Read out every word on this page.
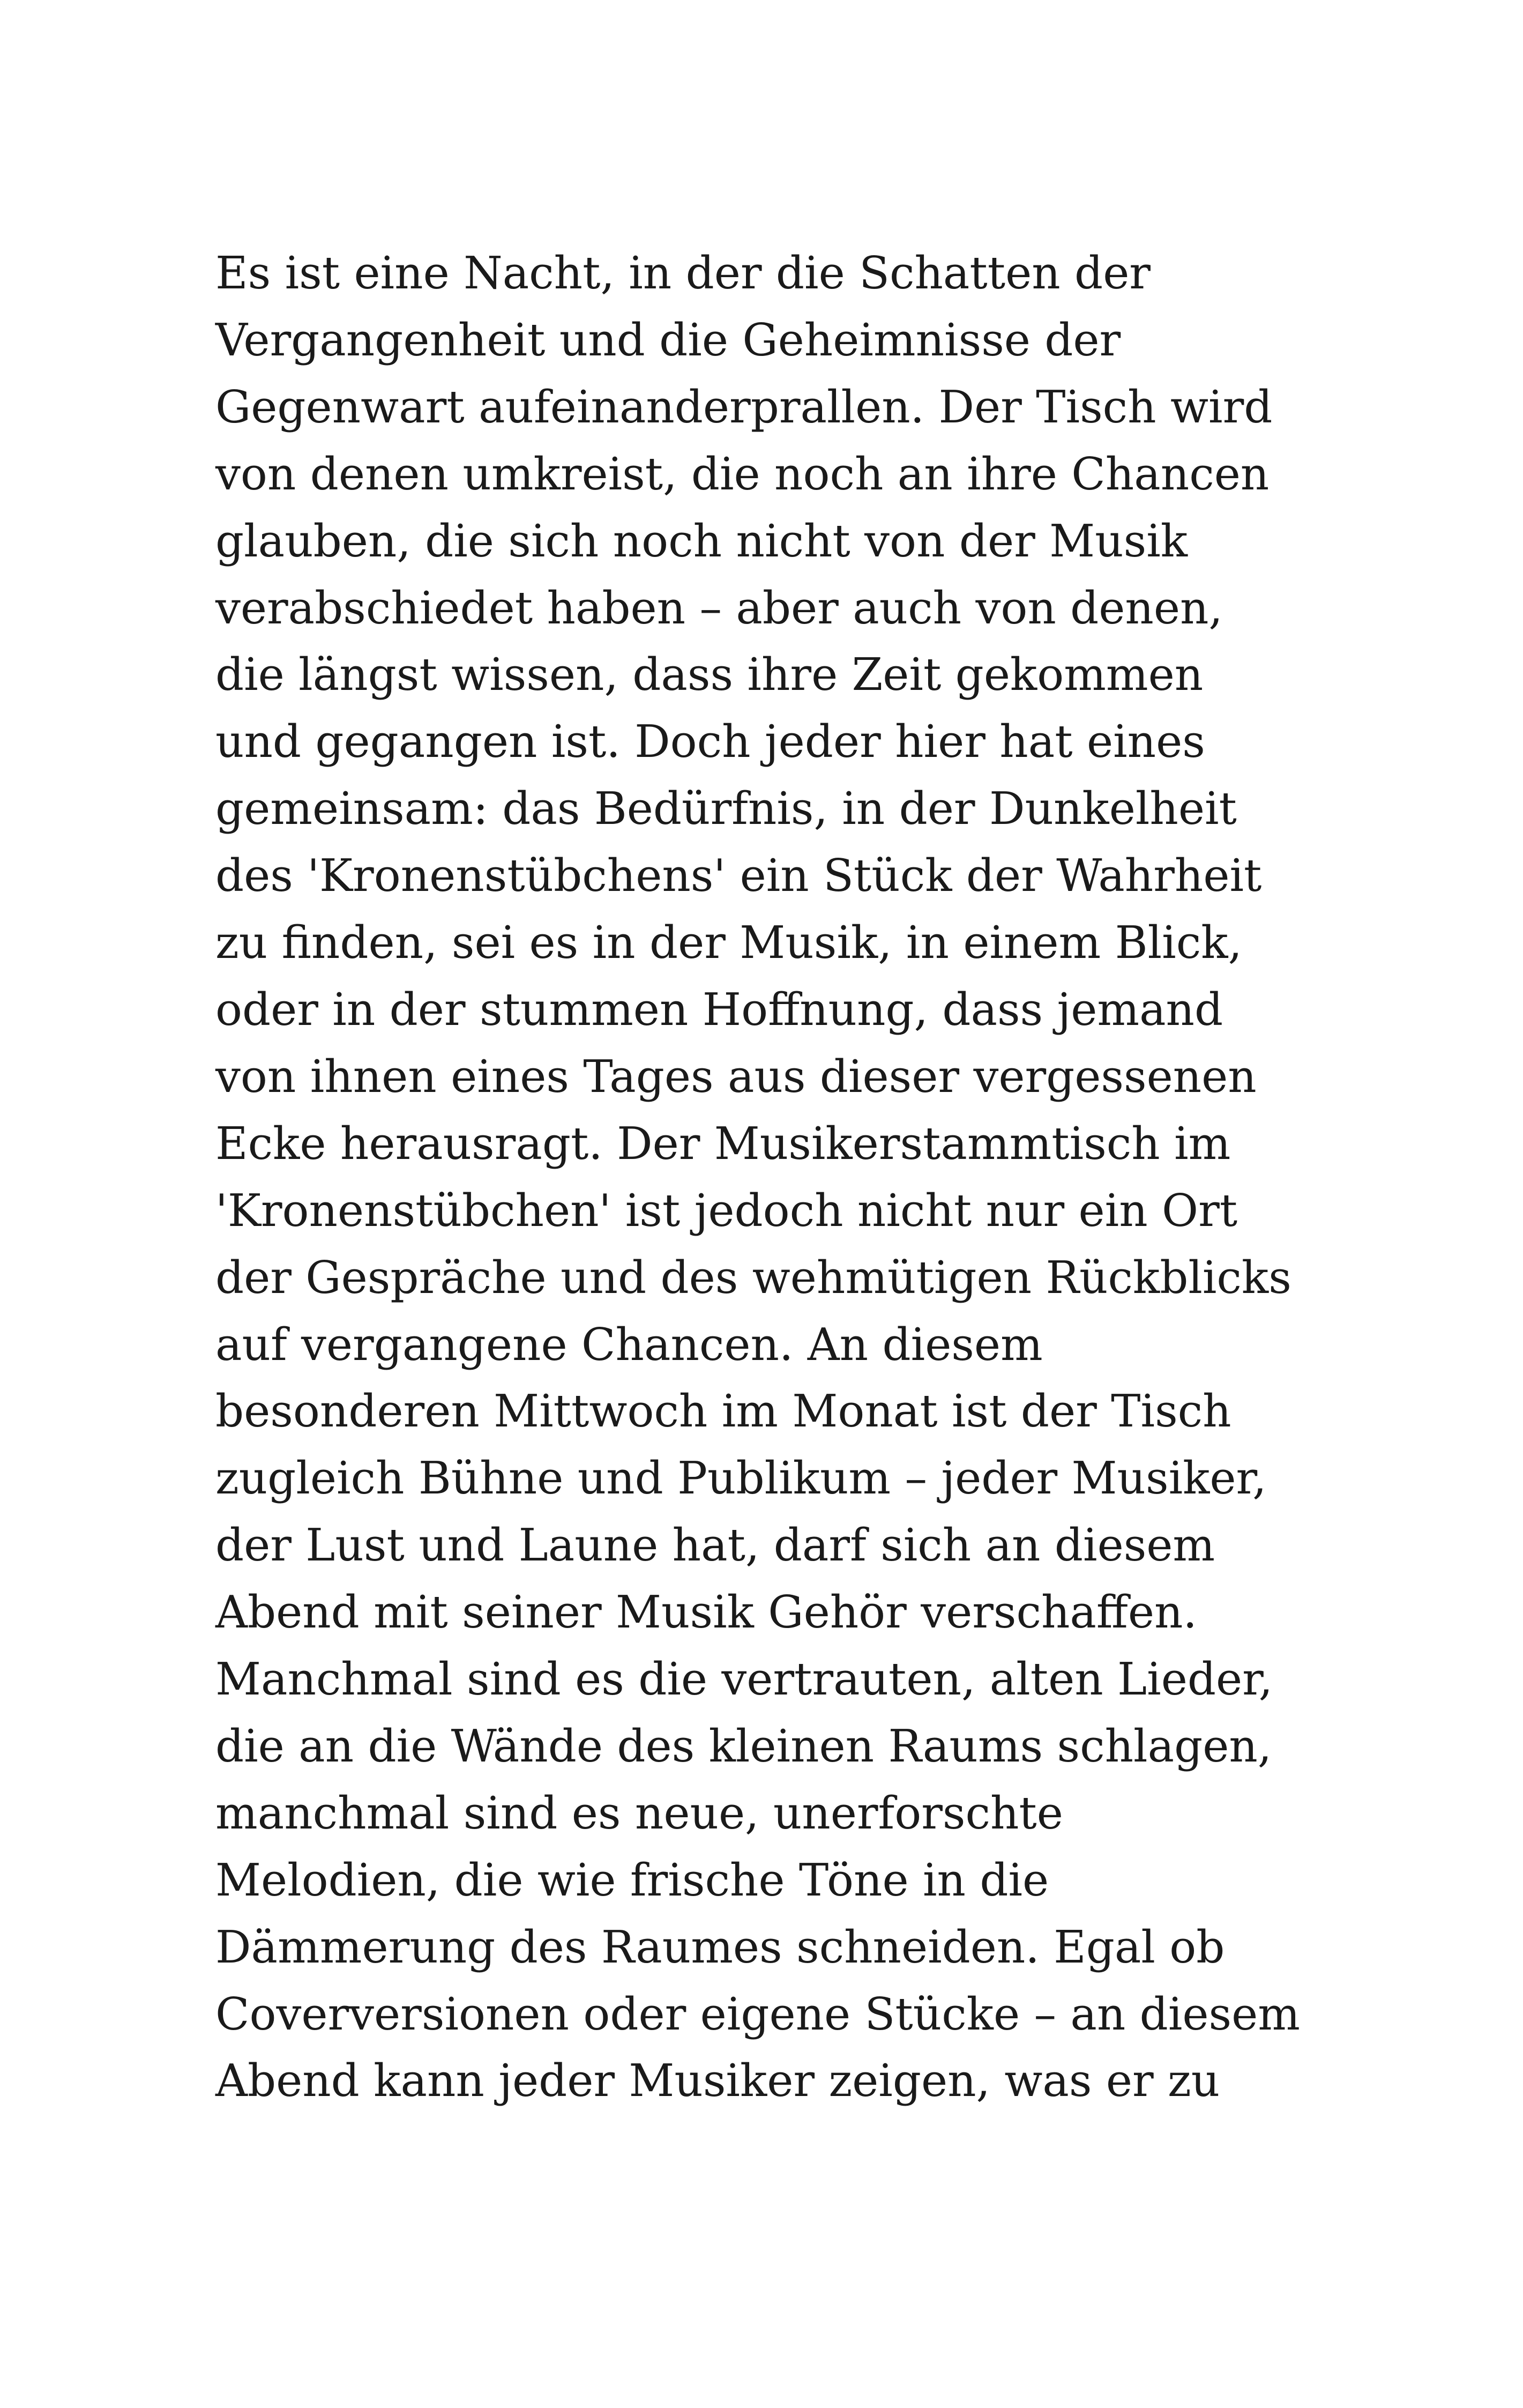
Es ist eine Nacht, in der die Schatten der
Vergangenheit und die Geheimnisse der
Gegenwart aufeinanderprallen. Der Tisch wird
von denen umkreist, die noch an ihre Chancen
glauben, die sich noch nicht von der Musik
verabschiedet haben – aber auch von denen,
die längst wissen, dass ihre Zeit gekommen
und gegangen ist. Doch jeder hier hat eines
gemeinsam: das Bedürfnis, in der Dunkelheit
des 'Kronenstübchens' ein Stück der Wahrheit
zu finden, sei es in der Musik, in einem Blick,
oder in der stummen Hoffnung, dass jemand
von ihnen eines Tages aus dieser vergessenen
Ecke herausragt. Der Musikerstammtisch im
'Kronenstübchen' ist jedoch nicht nur ein Ort
der Gespräche und des wehmütigen Rückblicks
auf vergangene Chancen. An diesem
besonderen Mittwoch im Monat ist der Tisch
zugleich Bühne und Publikum – jeder Musiker,
der Lust und Laune hat, darf sich an diesem
Abend mit seiner Musik Gehör verschaffen.
Manchmal sind es die vertrauten, alten Lieder,
die an die Wände des kleinen Raums schlagen,
manchmal sind es neue, unerforschte
Melodien, die wie frische Töne in die
Dämmerung des Raumes schneiden. Egal ob
Coverversionen oder eigene Stücke – an diesem
Abend kann jeder Musiker zeigen, was er zu
